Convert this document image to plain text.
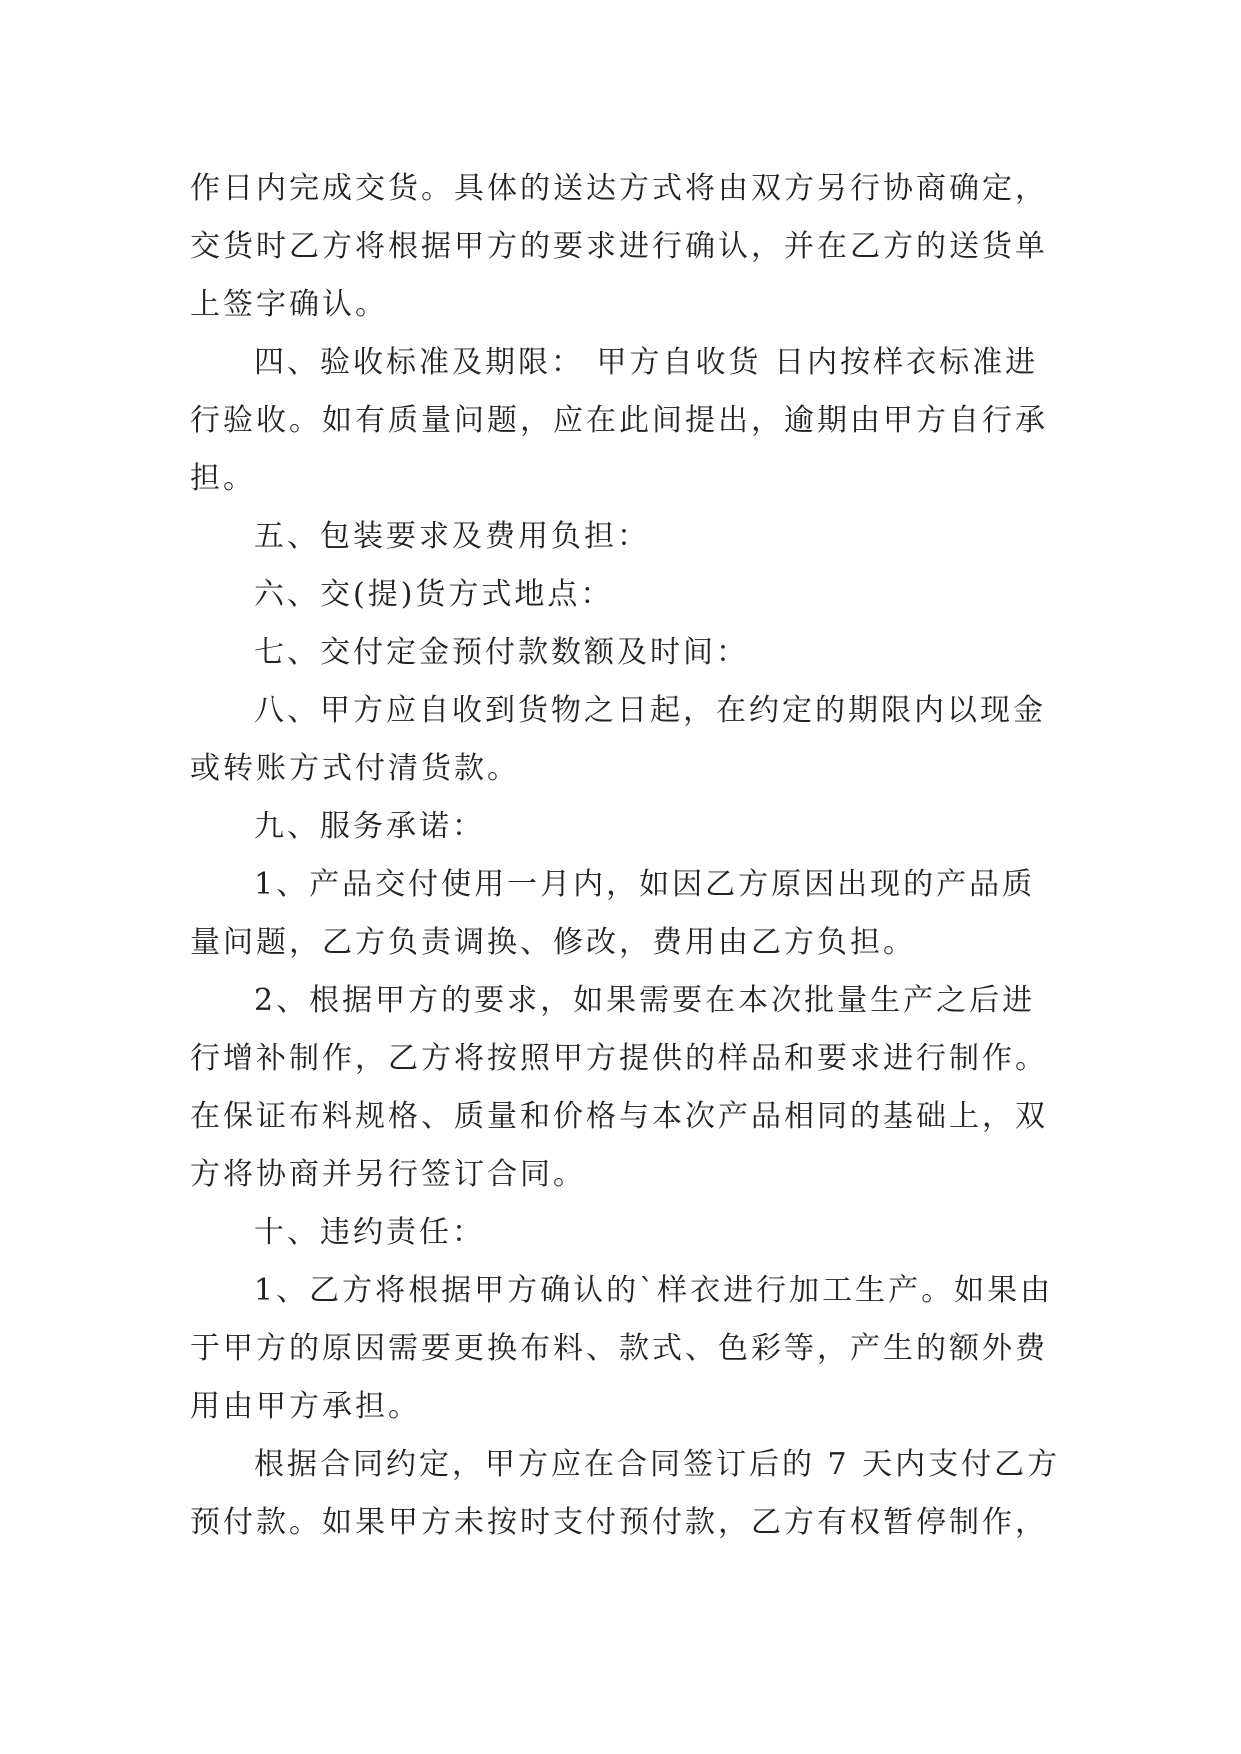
作日内完成交货。具体的送达方式将由双方另行协商确定，
交货时乙方将根据甲方的要求进行确认，并在乙方的送货单
上签字确认。
四、验收标准及期限： 甲方自收货 日内按样衣标准进
行验收。如有质量问题，应在此间提出，逾期由甲方自行承
担。
五、包装要求及费用负担：
六、交(提)货方式地点：
七、交付定金预付款数额及时间：
八、甲方应自收到货物之日起，在约定的期限内以现金
或转账方式付清货款。
九、服务承诺：
1、产品交付使用一月内，如因乙方原因出现的产品质
量问题，乙方负责调换、修改，费用由乙方负担。
2、根据甲方的要求，如果需要在本次批量生产之后进
行增补制作，乙方将按照甲方提供的样品和要求进行制作。
在保证布料规格、质量和价格与本次产品相同的基础上，双
方将协商并另行签订合同。
十、违约责任：
1、乙方将根据甲方确认的`样衣进行加工生产。如果由
于甲方的原因需要更换布料、款式、色彩等，产生的额外费
用由甲方承担。
根据合同约定，甲方应在合同签订后的 7 天内支付乙方
预付款。如果甲方未按时支付预付款，乙方有权暂停制作，
